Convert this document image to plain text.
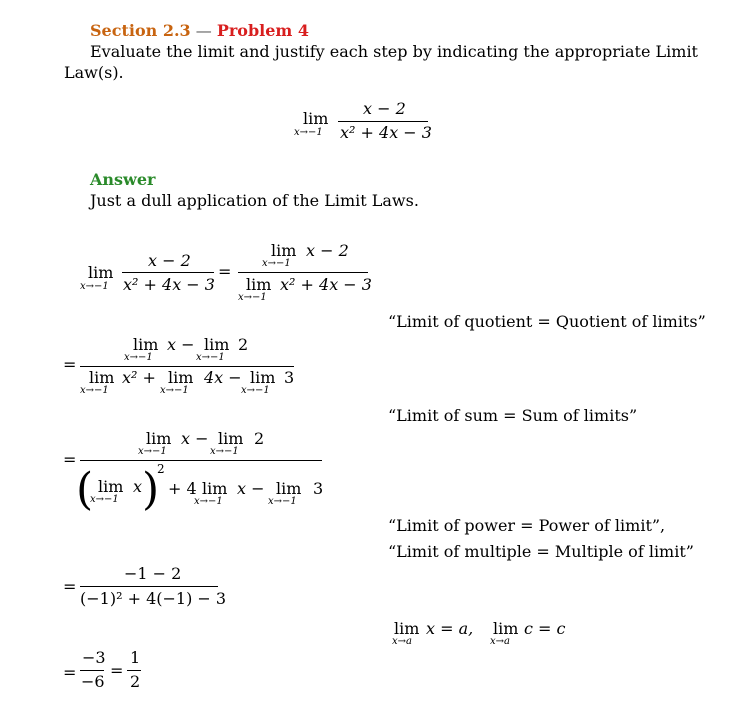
Section 2.3 — Problem 4
Evaluate the limit and justify each step by indicating the appropriate Limit
Law(s).
lim
x→−1
x − 2
x² + 4x − 3
Answer
Just a dull application of the Limit Laws.
lim
x→−1
x − 2
x² + 4x − 3
=
lim
x→−1
x − 2
lim
x→−1
x² + 4x − 3
“Limit of quotient = Quotient of limits”
=
lim
x→−1
x − lim
x→−1
2
lim
x→−1
x² + lim
x→−1
4x − lim
x→−1
3
“Limit of sum = Sum of limits”
=
lim
x→−1
x − lim
x→−1
2
( lim
x→−1
x )
2
+ 4 lim
x→−1
x − lim
x→−1
3
“Limit of power = Power of limit”,
“Limit of multiple = Multiple of limit”
=
−1 − 2
(−1)² + 4(−1) − 3
lim
x→a
x = a, lim
x→a
c = c
=
−3
−6
=
1
2
